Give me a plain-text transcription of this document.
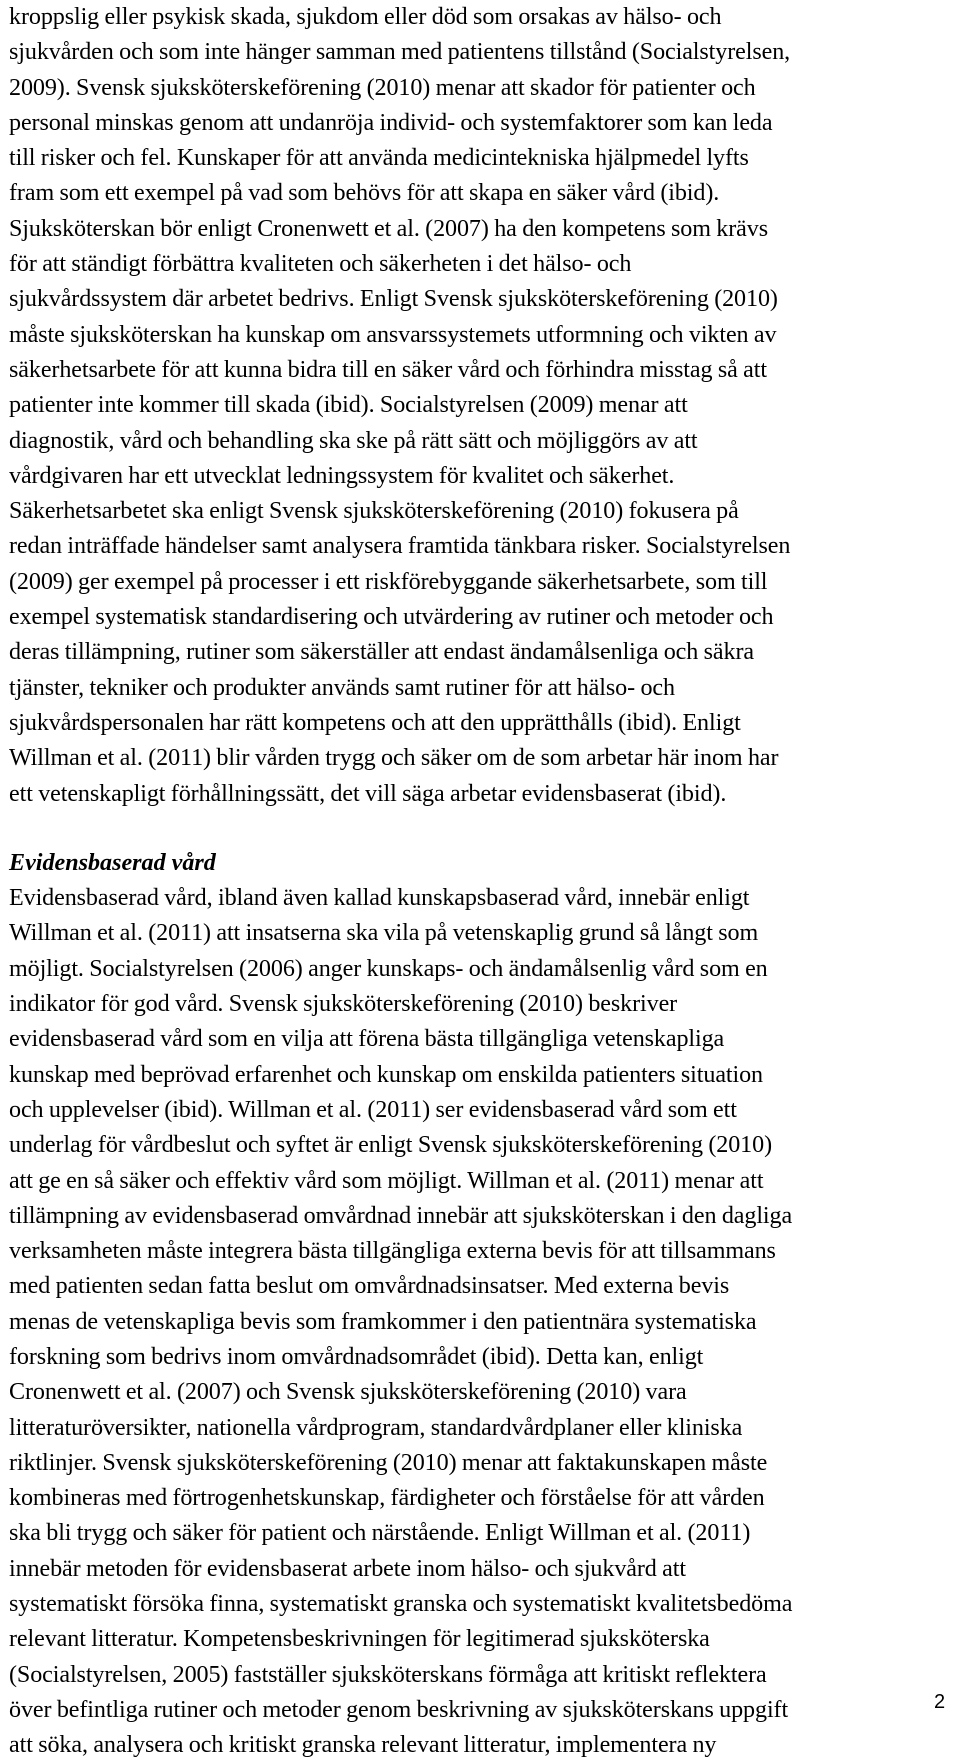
kroppslig eller psykisk skada, sjukdom eller död som orsakas av hälso- och
sjukvården och som inte hänger samman med patientens tillstånd (Socialstyrelsen,
2009). Svensk sjuksköterskeförening (2010) menar att skador för patienter och
personal minskas genom att undanröja individ- och systemfaktorer som kan leda
till risker och fel. Kunskaper för att använda medicintekniska hjälpmedel lyfts
fram som ett exempel på vad som behövs för att skapa en säker vård (ibid).
Sjuksköterskan bör enligt Cronenwett et al. (2007) ha den kompetens som krävs
för att ständigt förbättra kvaliteten och säkerheten i det hälso- och
sjukvårdssystem där arbetet bedrivs. Enligt Svensk sjuksköterskeförening (2010)
måste sjuksköterskan ha kunskap om ansvarssystemets utformning och vikten av
säkerhetsarbete för att kunna bidra till en säker vård och förhindra misstag så att
patienter inte kommer till skada (ibid). Socialstyrelsen (2009) menar att
diagnostik, vård och behandling ska ske på rätt sätt och möjliggörs av att
vårdgivaren har ett utvecklat ledningssystem för kvalitet och säkerhet.
Säkerhetsarbetet ska enligt Svensk sjuksköterskeförening (2010) fokusera på
redan inträffade händelser samt analysera framtida tänkbara risker. Socialstyrelsen
(2009) ger exempel på processer i ett riskförebyggande säkerhetsarbete, som till
exempel systematisk standardisering och utvärdering av rutiner och metoder och
deras tillämpning, rutiner som säkerställer att endast ändamålsenliga och säkra
tjänster, tekniker och produkter används samt rutiner för att hälso- och
sjukvårdspersonalen har rätt kompetens och att den upprätthålls (ibid). Enligt
Willman et al. (2011) blir vården trygg och säker om de som arbetar här inom har
ett vetenskapligt förhållningssätt, det vill säga arbetar evidensbaserat (ibid).

Evidensbaserad vård

Evidensbaserad vård, ibland även kallad kunskapsbaserad vård, innebär enligt
Willman et al. (2011) att insatserna ska vila på vetenskaplig grund så långt som
möjligt. Socialstyrelsen (2006) anger kunskaps- och ändamålsenlig vård som en
indikator för god vård. Svensk sjuksköterskeförening (2010) beskriver
evidensbaserad vård som en vilja att förena bästa tillgängliga vetenskapliga
kunskap med beprövad erfarenhet och kunskap om enskilda patienters situation
och upplevelser (ibid). Willman et al. (2011) ser evidensbaserad vård som ett
underlag för vårdbeslut och syftet är enligt Svensk sjuksköterskeförening (2010)
att ge en så säker och effektiv vård som möjligt. Willman et al. (2011) menar att
tillämpning av evidensbaserad omvårdnad innebär att sjuksköterskan i den dagliga
verksamheten måste integrera bästa tillgängliga externa bevis för att tillsammans
med patienten sedan fatta beslut om omvårdnadsinsatser. Med externa bevis
menas de vetenskapliga bevis som framkommer i den patientnära systematiska
forskning som bedrivs inom omvårdnadsområdet (ibid). Detta kan, enligt
Cronenwett et al. (2007) och Svensk sjuksköterskeförening (2010) vara
litteraturöversikter, nationella vårdprogram, standardvårdplaner eller kliniska
riktlinjer. Svensk sjuksköterskeförening (2010) menar att faktakunskapen måste
kombineras med förtrogenhetskunskap, färdigheter och förståelse för att vården
ska bli trygg och säker för patient och närstående. Enligt Willman et al. (2011)
innebär metoden för evidensbaserat arbete inom hälso- och sjukvård att
systematiskt försöka finna, systematiskt granska och systematiskt kvalitetsbedöma
relevant litteratur. Kompetensbeskrivningen för legitimerad sjuksköterska
(Socialstyrelsen, 2005) fastställer sjuksköterskans förmåga att kritiskt reflektera
över befintliga rutiner och metoder genom beskrivning av sjuksköterskans uppgift
att söka, analysera och kritiskt granska relevant litteratur, implementera ny

2
